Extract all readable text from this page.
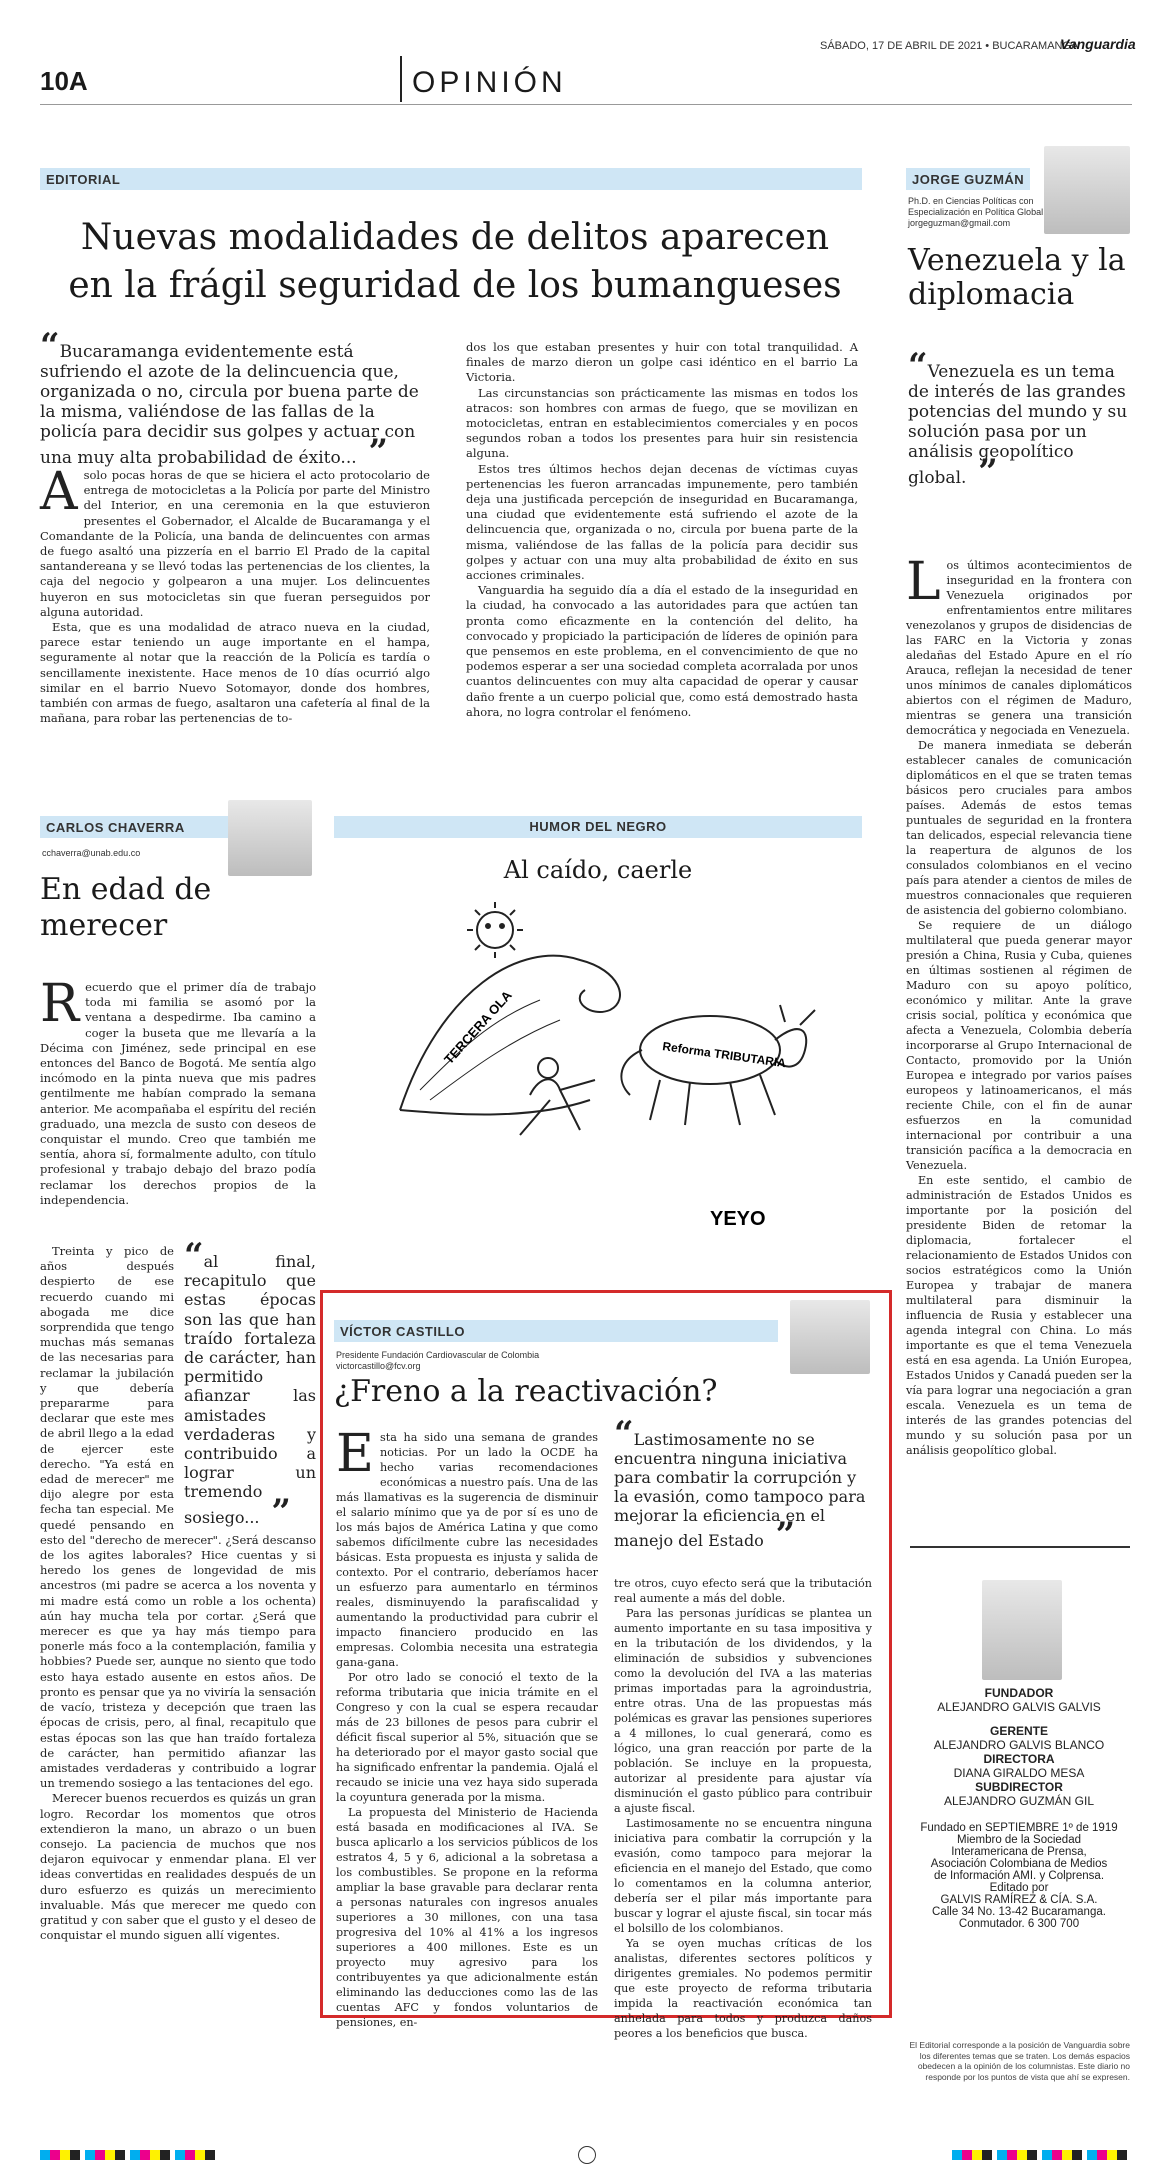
10A	OPINIÓN
SÁBADO, 17 DE ABRIL DE 2021 • BUCARAMANGA
Vanguardia
EDITORIAL
Nuevas modalidades de delitos aparecen en la frágil seguridad de los bumangueses
“Bucaramanga evidentemente está sufriendo el azote de la delincuencia que, organizada o no, circula por buena parte de la misma, valiéndose de las fallas de la policía para decidir sus golpes y actuar con una muy alta probabilidad de éxito... ”
A solo pocas horas de que se hiciera el acto protocolario de entrega de motocicletas a la Policía por parte del Ministro del Interior, en una ceremonia en la que estuvieron presentes el Gobernador, el Alcalde de Bucaramanga y el Comandante de la Policía, una banda de delincuentes con armas de fuego asaltó una pizzería en el barrio El Prado de la capital santandereana y se llevó todas las pertenencias de los clientes, la caja del negocio y golpearon a una mujer. Los delincuentes huyeron en sus motocicletas sin que fueran perseguidos por alguna autoridad.

Esta, que es una modalidad de atraco nueva en la ciudad, parece estar teniendo un auge importante en el hampa, seguramente al notar que la reacción de la Policía es tardía o sencillamente inexistente. Hace menos de 10 días ocurrió algo similar en el barrio Nuevo Sotomayor, donde dos hombres, también con armas de fuego, asaltaron una cafetería al final de la mañana, para robar las pertenencias de to-

dos los que estaban presentes y huir con total tranquilidad. A finales de marzo dieron un golpe casi idéntico en el barrio La Victoria.

Las circunstancias son prácticamente las mismas en todos los atracos: son hombres con armas de fuego, que se movilizan en motocicletas, entran en establecimientos comerciales y en pocos segundos roban a todos los presentes para huir sin resistencia alguna.

Estos tres últimos hechos dejan decenas de víctimas cuyas pertenencias les fueron arrancadas impunemente, pero también deja una justificada percepción de inseguridad en Bucaramanga, una ciudad que evidentemente está sufriendo el azote de la delincuencia que, organizada o no, circula por buena parte de la misma, valiéndose de las fallas de la policía para decidir sus golpes y actuar con una muy alta probabilidad de éxito en sus acciones criminales.

Vanguardia ha seguido día a día el estado de la inseguridad en la ciudad, ha convocado a las autoridades para que actúen tan pronta como eficazmente en la contención del delito, ha convocado y propiciado la participación de líderes de opinión para que pensemos en este problema, en el convencimiento de que no podemos esperar a ser una sociedad completa acorralada por unos cuantos delincuentes con muy alta capacidad de operar y causar daño frente a un cuerpo policial que, como está demostrado hasta ahora, no logra controlar el fenómeno.

JORGE GUZMÁN
Ph.D. en Ciencias Políticas con
Especialización en Política Global
jorgeguzman@gmail.com
Venezuela y la diplomacia
“Venezuela es un tema de interés de las grandes potencias del mundo y su solución pasa por un análisis geopolítico global. ”
L os últimos acontecimientos de inseguridad en la frontera con Venezuela originados por enfrentamientos entre militares venezolanos y grupos de disidencias de las FARC en la Victoria y zonas aledañas del Estado Apure en el río Arauca, reflejan la necesidad de tener unos mínimos de canales diplomáticos abiertos con el régimen de Maduro, mientras se genera una transición democrática y negociada en Venezuela.

De manera inmediata se deberán establecer canales de comunicación diplomáticos en el que se traten temas básicos pero cruciales para ambos países. Además de estos temas puntuales de seguridad en la frontera tan delicados, especial relevancia tiene la reapertura de algunos de los consulados colombianos en el vecino país para atender a cientos de miles de muestros connacionales que requieren de asistencia del gobierno colombiano.

Se requiere de un diálogo multilateral que pueda generar mayor presión a China, Rusia y Cuba, quienes en últimas sostienen al régimen de Maduro con su apoyo político, económico y militar. Ante la grave crisis social, política y económica que afecta a Venezuela, Colombia debería incorporarse al Grupo Internacional de Contacto, promovido por la Unión Europea e integrado por varios países europeos y latinoamericanos, el más reciente Chile, con el fin de aunar esfuerzos en la comunidad internacional por contribuir a una transición pacífica a la democracia en Venezuela.

En este sentido, el cambio de administración de Estados Unidos es importante por la posición del presidente Biden de retomar la diplomacia, fortalecer el relacionamiento de Estados Unidos con socios estratégicos como la Unión Europea y trabajar de manera multilateral para disminuir la influencia de Rusia y establecer una agenda integral con China. Lo más importante es que el tema Venezuela está en esa agenda. La Unión Europea, Estados Unidos y Canadá pueden ser la vía para lograr una negociación a gran escala. Venezuela es un tema de interés de las grandes potencias del mundo y su solución pasa por un análisis geopolítico global.

CARLOS CHAVERRA
cchaverra@unab.edu.co
En edad de merecer
R ecuerdo que el primer día de trabajo toda mi familia se asomó por la ventana a despedirme. Iba camino a coger la buseta que me llevaría a la Décima con Jiménez, sede principal en ese entonces del Banco de Bogotá. Me sentía algo incómodo en la pinta nueva que mis padres gentilmente me habían comprado la semana anterior. Me acompañaba el espíritu del recién graduado, una mezcla de susto con deseos de conquistar el mundo. Creo que también me sentía, ahora sí, formalmente adulto, con título profesional y trabajo debajo del brazo podía reclamar los derechos propios de la independencia.

“al final, recapitulo que estas épocas son las que han traído fortaleza de carácter, han permitido afianzar las amistades verdaderas y contribuido a lograr un tremendo sosiego... ”

Treinta y pico de años después despierto de ese recuerdo cuando mi abogada me dice sorprendida que tengo muchas más semanas de las necesarias para reclamar la jubilación y que debería prepararme para declarar que este mes de abril llego a la edad de ejercer este derecho. "Ya está en edad de merecer" me dijo alegre por esta fecha tan especial. Me quedé pensando en esto del "derecho de merecer". ¿Será descanso de los agites laborales? Hice cuentas y si heredo los genes de longevidad de mis ancestros (mi padre se acerca a los noventa y mi madre está como un roble a los ochenta) aún hay mucha tela por cortar. ¿Será que merecer es que ya hay más tiempo para ponerle más foco a la contemplación, familia y hobbies? Puede ser, aunque no siento que todo esto haya estado ausente en estos años. De pronto es pensar que ya no viviría la sensación de vacío, tristeza y decepción que traen las épocas de crisis, pero, al final, recapitulo que estas épocas son las que han traído fortaleza de carácter, han permitido afianzar las amistades verdaderas y contribuido a lograr un tremendo sosiego a las tentaciones del ego.

Merecer buenos recuerdos es quizás un gran logro. Recordar los momentos que otros extendieron la mano, un abrazo o un buen consejo. La paciencia de muchos que nos dejaron equivocar y enmendar plana. El ver ideas convertidas en realidades después de un duro esfuerzo es quizás un merecimiento invaluable. Más que merecer me quedo con gratitud y con saber que el gusto y el deseo de conquistar el mundo siguen allí vigentes.

HUMOR DEL NEGRO
Al caído, caerle
TERCERA OLA	Reforma TRIBUTARIA
YEYO
VÍCTOR CASTILLO
Presidente Fundación Cardiovascular de Colombia
victorcastillo@fcv.org
¿Freno a la reactivación?
E sta ha sido una semana de grandes noticias. Por un lado la OCDE ha hecho varias recomendaciones económicas a nuestro país. Una de las más llamativas es la sugerencia de disminuir el salario mínimo que ya de por sí es uno de los más bajos de América Latina y que como sabemos difícilmente cubre las necesidades básicas. Esta propuesta es injusta y salida de contexto. Por el contrario, deberíamos hacer un esfuerzo para aumentarlo en términos reales, disminuyendo la parafiscalidad y aumentando la productividad para cubrir el impacto financiero producido en las empresas. Colombia necesita una estrategia gana-gana.

Por otro lado se conoció el texto de la reforma tributaria que inicia trámite en el Congreso y con la cual se espera recaudar más de 23 billones de pesos para cubrir el déficit fiscal superior al 5%, situación que se ha deteriorado por el mayor gasto social que ha significado enfrentar la pandemia. Ojalá el recaudo se inicie una vez haya sido superada la coyuntura generada por la misma.

La propuesta del Ministerio de Hacienda está basada en modificaciones al IVA. Se busca aplicarlo a los servicios públicos de los estratos 4, 5 y 6, adicional a la sobretasa a los combustibles. Se propone en la reforma ampliar la base gravable para declarar renta a personas naturales con ingresos anuales superiores a 30 millones, con una tasa progresiva del 10% al 41% a los ingresos superiores a 400 millones. Este es un proyecto muy agresivo para los contribuyentes ya que adicionalmente están eliminando las deducciones como las de las cuentas AFC y fondos voluntarios de pensiones, en-

“Lastimosamente no se encuentra ninguna iniciativa para combatir la corrupción y la evasión, como tampoco para mejorar la eficiencia en el manejo del Estado ”

tre otros, cuyo efecto será que la tributación real aumente a más del doble.

Para las personas jurídicas se plantea un aumento importante en su tasa impositiva y en la tributación de los dividendos, y la eliminación de subsidios y subvenciones como la devolución del IVA a las materias primas importadas para la agroindustria, entre otras. Una de las propuestas más polémicas es gravar las pensiones superiores a 4 millones, lo cual generará, como es lógico, una gran reacción por parte de la población. Se incluye en la propuesta, autorizar al presidente para ajustar vía disminución el gasto público para contribuir a ajuste fiscal.

Lastimosamente no se encuentra ninguna iniciativa para combatir la corrupción y la evasión, como tampoco para mejorar la eficiencia en el manejo del Estado, que como lo comentamos en la columna anterior, debería ser el pilar más importante para buscar y lograr el ajuste fiscal, sin tocar más el bolsillo de los colombianos.

Ya se oyen muchas críticas de los analistas, diferentes sectores políticos y dirigentes gremiales. No podemos permitir que este proyecto de reforma tributaria impida la reactivación económica tan anhelada para todos y produzca daños peores a los beneficios que busca.

FUNDADOR
ALEJANDRO GALVIS GALVIS
GERENTE
ALEJANDRO GALVIS BLANCO
DIRECTORA
DIANA GIRALDO MESA
SUBDIRECTOR
ALEJANDRO GUZMÁN GIL
Fundado en SEPTIEMBRE 1º de 1919
Miembro de la Sociedad
Interamericana de Prensa,
Asociación Colombiana de Medios
de Información AMI. y Colprensa.
Editado por
GALVIS RAMÍREZ & CÍA. S.A.
Calle 34 No. 13-42 Bucaramanga.
Conmutador. 6 300 700
El Editorial corresponde a la posición de Vanguardia sobre los diferentes temas que se traten. Los demás espacios obedecen a la opinión de los columnistas. Este diario no responde por los puntos de vista que ahí se expresen.
